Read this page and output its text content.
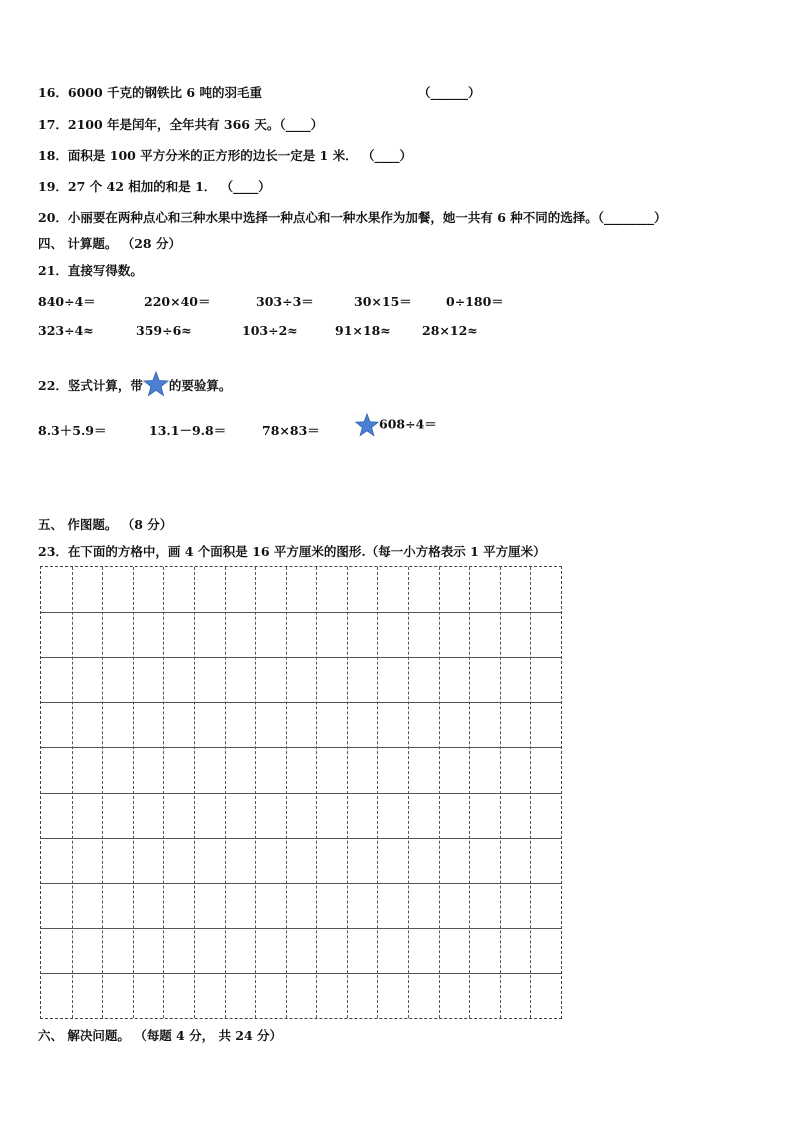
16．6000 千克的钢铁比 6 吨的羽毛重	（______）
17．2100 年是闰年，全年共有 366 天。（____）
18．面积是 100 平方分米的正方形的边长一定是 1 米． （____）
19．27 个 42 相加的和是 1． （____）
20．小丽要在两种点心和三种水果中选择一种点心和一种水果作为加餐，她一共有 6 种不同的选择。（________）
四、 计算题。 （28 分）
21．直接写得数。
840÷4＝	220×40＝	303÷3＝	30×15＝	0÷180＝
323÷4≈	359÷6≈	103÷2≈	91×18≈	28×12≈
22．竖式计算，带 的要验算。
8.3＋5.9＝	13.1－9.8＝	78×83＝	608÷4＝
五、 作图题。 （8 分）
23．在下面的方格中，画 4 个面积是 16 平方厘米的图形.（每一小方格表示 1 平方厘米）
六、 解决问题。 （每题 4 分， 共 24 分）
